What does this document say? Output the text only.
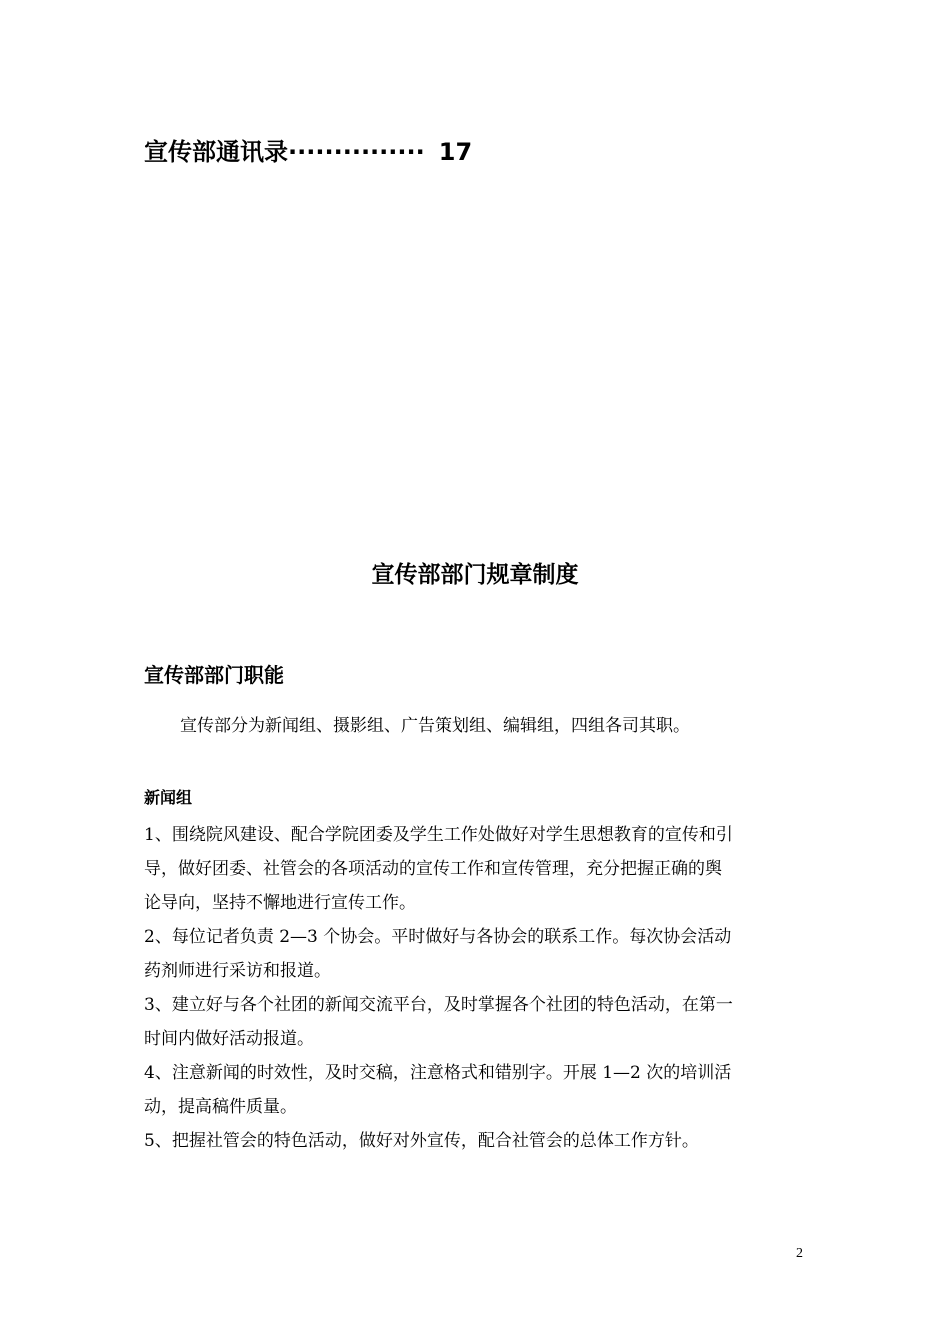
宣传部通讯录··············· 17
宣传部部门规章制度
宣传部部门职能
宣传部分为新闻组、摄影组、广告策划组、编辑组，四组各司其职。
新闻组

1、围绕院风建设、配合学院团委及学生工作处做好对学生思想教育的宣传和引
导，做好团委、社管会的各项活动的宣传工作和宣传管理，充分把握正确的舆
论导向，坚持不懈地进行宣传工作。

2、每位记者负责 2—3 个协会。平时做好与各协会的联系工作。每次协会活动
药剂师进行采访和报道。

3、建立好与各个社团的新闻交流平台，及时掌握各个社团的特色活动，在第一
时间内做好活动报道。

4、注意新闻的时效性，及时交稿，注意格式和错别字。开展 1—2 次的培训活
动，提高稿件质量。

5、把握社管会的特色活动，做好对外宣传，配合社管会的总体工作方针。

2
